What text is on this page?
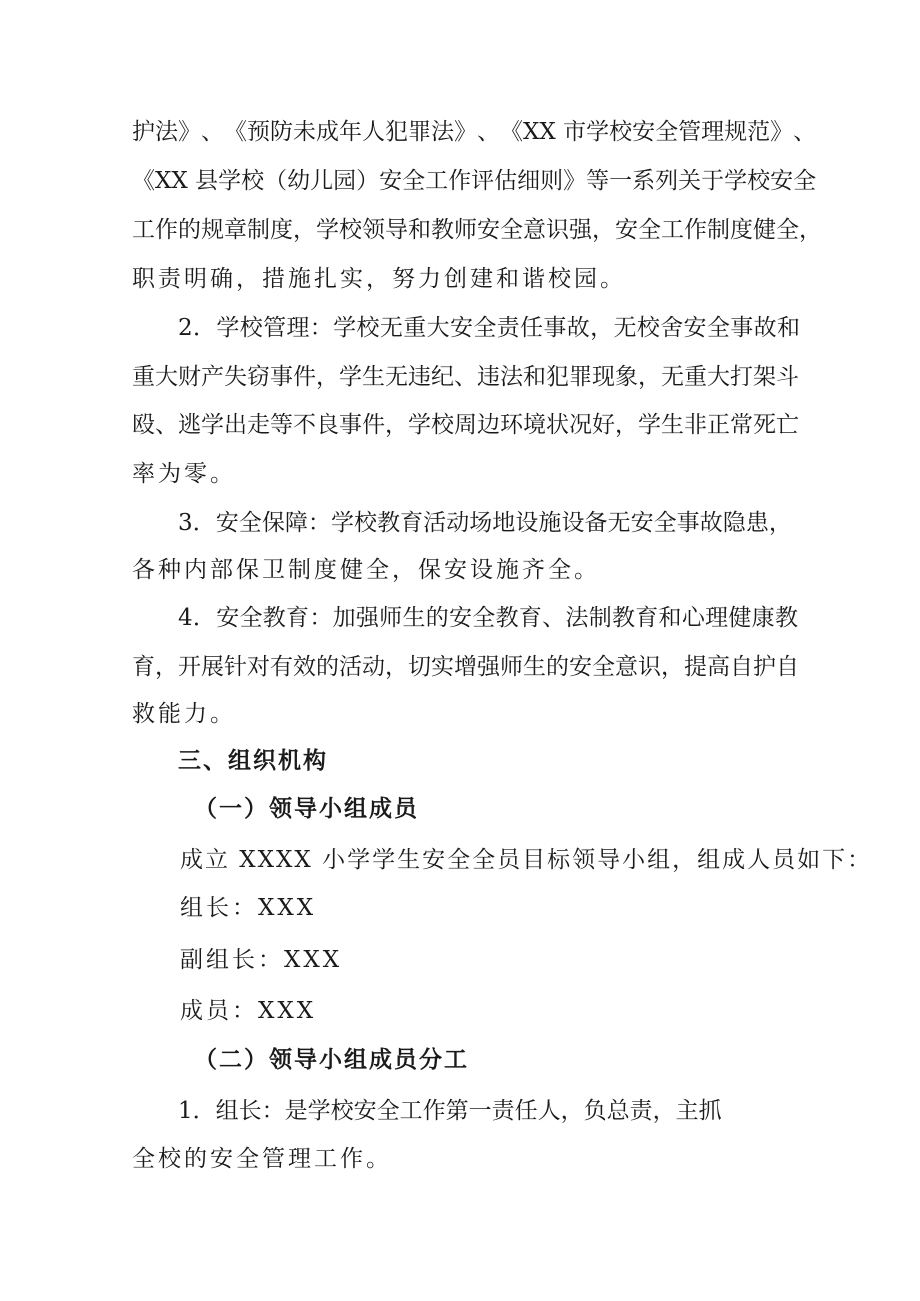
护 法 》 、 《 预 防 未 成 年 人 犯 罪 法 》 、 《 X X
市 学 校 安 全 管 理 规 范 》 、
《 X X
县 学 校 （ 幼 儿 园 ） 安 全 工 作 评 估 细 则 》 等 一 系 列 关 于 学 校 安 全
工 作 的 规 章 制 度 ， 学 校 领 导 和 教 师 安 全 意 识 强 ， 安 全 工 作 制 度 健 全 ，
职责明确，措施扎实，努力创建和谐校园。
2 ． 学 校 管 理 ： 学 校 无 重 大 安 全 责 任 事 故 ， 无 校 舍 安 全 事 故 和
重 大 财 产 失 窃 事 件 ， 学 生 无 违 纪 、 违 法 和 犯 罪 现 象 ， 无 重 大 打 架 斗
殴 、 逃 学 出 走 等 不 良 事 件 ， 学 校 周 边 环 境 状 况 好 ， 学 生 非 正 常 死 亡
率为零。
3 ． 安 全 保 障 ： 学 校 教 育 活 动 场 地 设 施 设 备 无 安 全 事 故 隐 患 ，
各种内部保卫制度健全，保安设施齐全。
4 ． 安 全 教 育 ： 加 强 师 生 的 安 全 教 育 、 法 制 教 育 和 心 理 健 康 教
育 ， 开 展 针 对 有 效 的 活 动 ， 切 实 增 强 师 生 的 安 全 意 识 ， 提 高 自 护 自
救能力。
三、组织机构
（一）领导小组成员
成立 XXXX 小学学生安全全员目标领导小组，组成人员如下：
组长：XXX
副组长：XXX
成员：XXX
（二）领导小组成员分工
1 ． 组 长 ： 是 学 校 安 全 工 作 第 一 责 任 人 ， 负 总 责 ， 主 抓
全校的安全管理工作。
